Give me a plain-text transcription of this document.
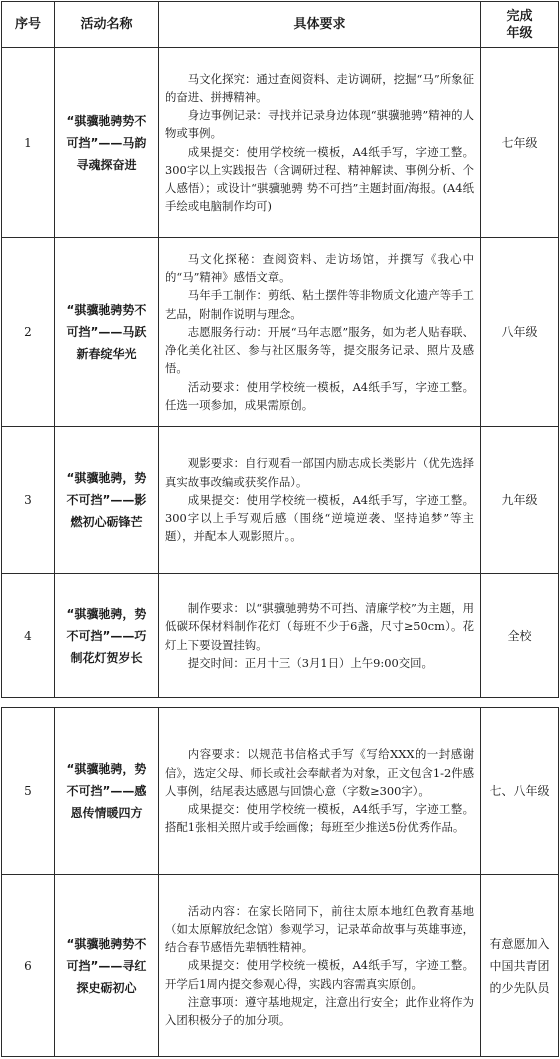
序号	活动名称	具体要求	完成
年级

1	“骐骥驰骋势不可挡”——马韵寻魂探奋进	马文化探究：通过查阅资料、走访调研，挖掘“马”所象征的奋进、拼搏精神。

身边事例记录：寻找并记录身边体现“骐骥驰骋”精神的人物或事例。

成果提交：使用学校统一模板，A4纸手写，字迹工整。300字以上实践报告（含调研过程、精神解读、事例分析、个人感悟）；或设计“骐骥驰骋 势不可挡”主题封面/海报。(A4纸手绘或电脑制作均可)	七年级
2	“骐骥驰骋势不可挡”——马跃新春绽华光	马文化探秘：查阅资料、走访场馆，并撰写《我心中的“马”精神》感悟文章。

马年手工制作：剪纸、粘土摆件等非物质文化遗产等手工艺品，附制作说明与理念。

志愿服务行动：开展“马年志愿”服务，如为老人贴春联、净化美化社区、参与社区服务等，提交服务记录、照片及感悟。

活动要求：使用学校统一模板，A4纸手写，字迹工整。任选一项参加，成果需原创。	八年级
3	“骐骥驰骋，势不可挡”——影燃初心砺锋芒	观影要求：自行观看一部国内励志成长类影片（优先选择真实故事改编或获奖作品）。

成果提交：使用学校统一模板，A4纸手写，字迹工整。300字以上手写观后感（围绕“逆境逆袭、坚持追梦”等主题），并配本人观影照片。。	九年级
4	“骐骥驰骋，势不可挡”——巧制花灯贺岁长	制作要求：以“骐骥驰骋势不可挡、清廉学校”为主题，用低碳环保材料制作花灯（每班不少于6盏，尺寸≥50cm）。花灯上下要设置挂钩。

提交时间：正月十三（3月1日）上午9:00交回。	全校
5	“骐骥驰骋，势不可挡”——感恩传情暖四方	内容要求：以规范书信格式手写《写给XXX的一封感谢信》，选定父母、师长或社会奉献者为对象，正文包含1-2件感人事例，结尾表达感恩与回馈心意（字数≥300字）。

成果提交：使用学校统一模板，A4纸手写，字迹工整。搭配1张相关照片或手绘画像；每班至少推送5份优秀作品。	七、八年级
6	“骐骥驰骋势不可挡”——寻红探史砺初心	活动内容：在家长陪同下，前往太原本地红色教育基地（如太原解放纪念馆）参观学习，记录革命故事与英雄事迹，结合春节感悟先辈牺牲精神。

成果提交：使用学校统一模板，A4纸手写，字迹工整。开学后1周内提交参观心得，实践内容需真实原创。

注意事项：遵守基地规定，注意出行安全；此作业将作为入团积极分子的加分项。	有意愿加入中国共青团的少先队员
